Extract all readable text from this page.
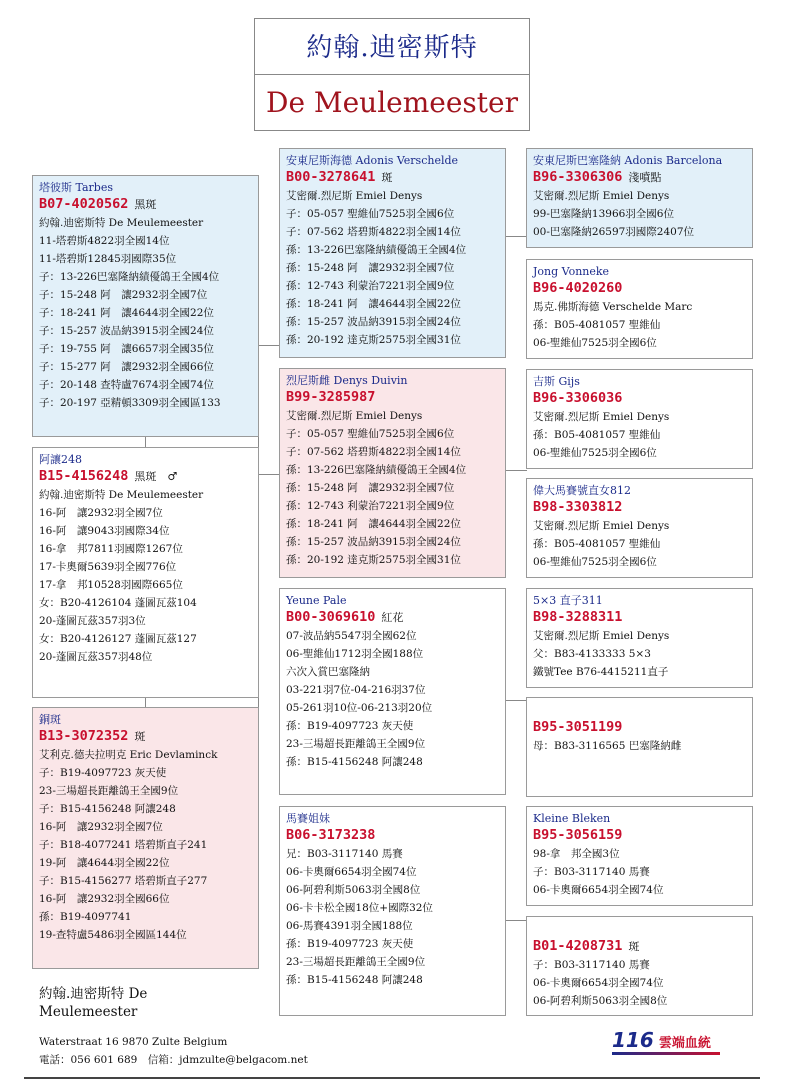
約翰.迪密斯特
De Meulemeester
塔彼斯 Tarbes
B07-4020562 黑斑
約翰.迪密斯特 De Meulemeester
11-塔碧斯4822羽全國14位
11-塔碧斯12845羽國際35位
子：13-226巴塞隆納績優鴿王全國4位
子：15-248 阿　讓2932羽全國7位
子：18-241 阿　讓4644羽全國22位
子：15-257 波品納3915羽全國24位
子：19-755 阿　讓6657羽全國35位
子：15-277 阿　讓2932羽全國66位
子：20-148 查特盧7674羽全國74位
子：20-197 亞精頓3309羽全國區133
安東尼斯海德 Adonis Verschelde
B00-3278641 斑
艾密爾.烈尼斯 Emiel Denys
子：05-057 聖維仙7525羽全國6位
子：07-562 塔碧斯4822羽全國14位
孫：13-226巴塞隆納績優鴿王全國4位
孫：15-248 阿　讓2932羽全國7位
孫：12-743 利蒙治7221羽全國9位
孫：18-241 阿　讓4644羽全國22位
孫：15-257 波品納3915羽全國24位
孫：20-192 達克斯2575羽全國31位
安東尼斯巴塞隆納 Adonis Barcelona
B96-3306306 淺噴點
艾密爾.烈尼斯 Emiel Denys
99-巴塞隆納13966羽全國6位
00-巴塞隆納26597羽國際2407位
Jong Vonneke
B96-4020260
馬克.佛斯海德 Verschelde Marc
孫：B05-4081057 聖維仙
06-聖維仙7525羽全國6位
烈尼斯雌 Denys Duivin
B99-3285987
艾密爾.烈尼斯 Emiel Denys
子：05-057 聖維仙7525羽全國6位
子：07-562 塔碧斯4822羽全國14位
孫：13-226巴塞隆納績優鴿王全國4位
孫：15-248 阿　讓2932羽全國7位
孫：12-743 利蒙治7221羽全國9位
孫：18-241 阿　讓4644羽全國22位
孫：15-257 波品納3915羽全國24位
孫：20-192 達克斯2575羽全國31位
吉斯 Gijs
B96-3306036
艾密爾.烈尼斯 Emiel Denys
孫：B05-4081057 聖維仙
06-聖維仙7525羽全國6位
偉大馬賽號直女812
B98-3303812
艾密爾.烈尼斯 Emiel Denys
孫：B05-4081057 聖維仙
06-聖維仙7525羽全國6位
阿讓248
B15-4156248 黑斑　♂
約翰.迪密斯特 De Meulemeester
16-阿　讓2932羽全國7位
16-阿　讓9043羽國際34位
16-拿　邦7811羽國際1267位
17-卡奧爾5639羽全國776位
17-拿　邦10528羽國際665位
女：B20-4126104 蓬圖瓦茲104
20-蓬圖瓦茲357羽3位
女：B20-4126127 蓬圖瓦茲127
20-蓬圖瓦茲357羽48位
Yeune Pale
B00-3069610 紅花
07-波品納5547羽全國62位
06-聖維仙1712羽全國188位
六次入賞巴塞隆納
03-221羽7位-04-216羽37位
05-261羽10位-06-213羽20位
孫：B19-4097723 灰天使
23-三場超長距離鴿王全國9位
孫：B15-4156248 阿讓248
5×3 直子311
B98-3288311
艾密爾.烈尼斯 Emiel Denys
父：B83-4133333 5×3
鐵號Tee B76-4415211直子
B95-3051199
母：B83-3116565 巴塞隆納雌
銅斑
B13-3072352 斑
艾利克.德夫拉明克 Eric Devlaminck
子：B19-4097723 灰天使
23-三場超長距離鴿王全國9位
子：B15-4156248 阿讓248
16-阿　讓2932羽全國7位
子：B18-4077241 塔碧斯直子241
19-阿　讓4644羽全國22位
子：B15-4156277 塔碧斯直子277
16-阿　讓2932羽全國66位
孫：B19-4097741
19-查特盧5486羽全國區144位
馬賽姐妹
B06-3173238
兄：B03-3117140 馬賽
06-卡奧爾6654羽全國74位
06-阿碧利斯5063羽全國8位
06-卡卡松全國18位+國際32位
06-馬賽4391羽全國188位
孫：B19-4097723 灰天使
23-三場超長距離鴿王全國9位
孫：B15-4156248 阿讓248
Kleine Bleken
B95-3056159
98-拿　邦全國3位
子：B03-3117140 馬賽
06-卡奧爾6654羽全國74位
B01-4208731 斑
子：B03-3117140 馬賽
06-卡奧爾6654羽全國74位
06-阿碧利斯5063羽全國8位
約翰.迪密斯特 De Meulemeester
Waterstraat 16 9870 Zulte Belgium
電話：056 601 689　信箱：jdmzulte@belgacom.net
116 雲端血統
